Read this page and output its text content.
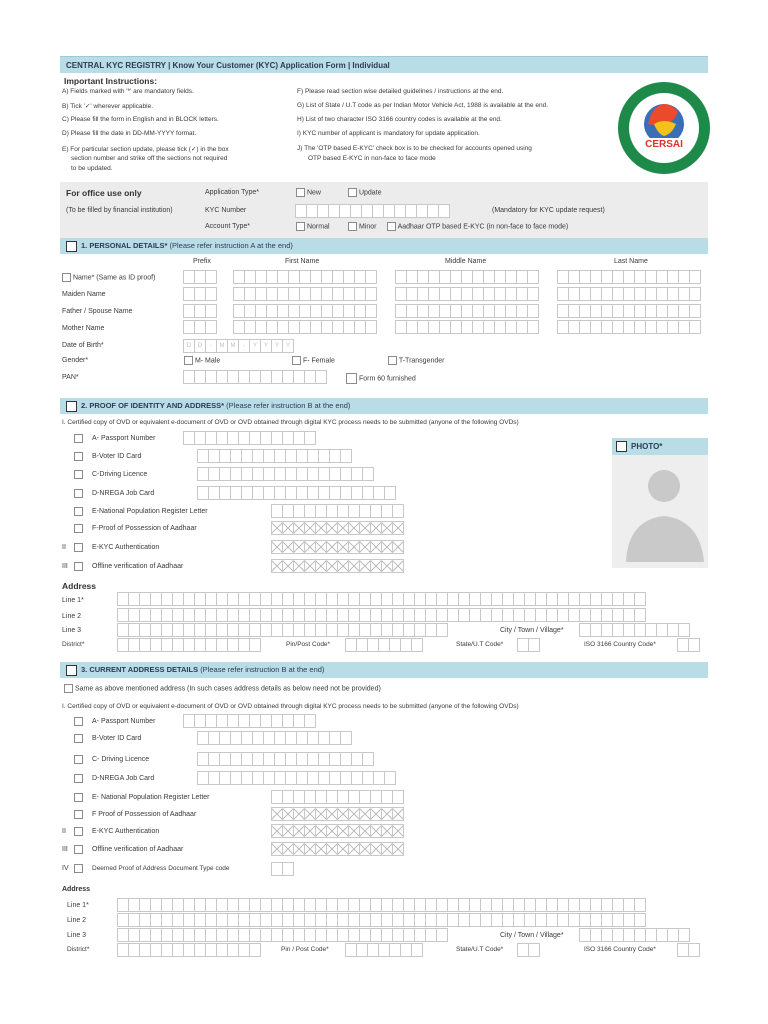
CENTRAL KYC REGISTRY | Know Your Customer (KYC) Application Form | Individual
Important Instructions:
A) Fields marked with '*' are mandatory fields.
B) Tick '✓' wherever applicable.
C) Please fill the form in English and in BLOCK letters.
D) Please fill the date in DD-MM-YYYY format.
E) For particular section update, please tick (✓) in the box
section number and strike off the sections not required
to be updated.
F) Please read section wise detailed guidelines / instructions at the end.
G) List of State / U.T code as per Indian Motor Vehicle Act, 1988 is available at the end.
H) List of two character ISO 3166 country codes is available at the end.
I) KYC number of applicant is mandatory for update application.
J) The 'OTP based E-KYC' check box is to be checked for accounts opened using
OTP based E-KYC in non-face to face mode
CERSAI
For office use only
(To be filled by financial institution)
Application Type*	New	Update
KYC Number	(Mandatory for KYC update request)
Account Type*	Normal	Minor	Aadhaar OTP based E-KYC (in non-face to face mode)
1. PERSONAL DETAILS* (Please refer instruction A at the end)
Prefix	First Name	Middle Name	Last Name
Name* (Same as ID proof)
Maiden Name
Father / Spouse Name
Mother Name
Date of Birth*	D	D	-	M	M	-	Y	Y	Y	Y
Gender*	M- Male	F- Female	T-Transgender
PAN*	Form 60 furnished
2. PROOF OF IDENTITY AND ADDRESS* (Please refer instruction B at the end)
I. Certified copy of OVD or equivalent e-document of OVD or OVD obtained through digital KYC process needs to be submitted (anyone of the following OVDs)
A- Passport Number
B-Voter ID Card
C-Driving Licence
D-NREGA Job Card
E-National Population Register Letter
F-Proof of Possession of Aadhaar
II	E-KYC Authentication
III	Offline verification of Aadhaar
PHOTO*
Address
Line 1*
Line 2
Line 3	City / Town / Village*
District*	Pin/Post Code*	State/U.T Code*	ISO 3166 Country Code*
3. CURRENT ADDRESS DETAILS (Please refer instruction B at the end)
Same as above mentioned address (In such cases address details as below need not be provided)
I. Certified copy of OVD or equivalent e-document of OVD or OVD obtained through digital KYC process needs to be submitted (anyone of the following OVDs)
A- Passport Number
B-Voter ID Card
C- Driving Licence
D-NREGA Job Card
E- National Population Register Letter
F Proof of Possession of Aadhaar
II	E-KYC Authentication
III	Offline verification of Aadhaar
IV	Deemed Proof of Address Document Type code
Address
Line 1*
Line 2
Line 3	City / Town / Village*
District*	Pin / Post Code*	State/U.T Code*	ISO 3166 Country Code*
